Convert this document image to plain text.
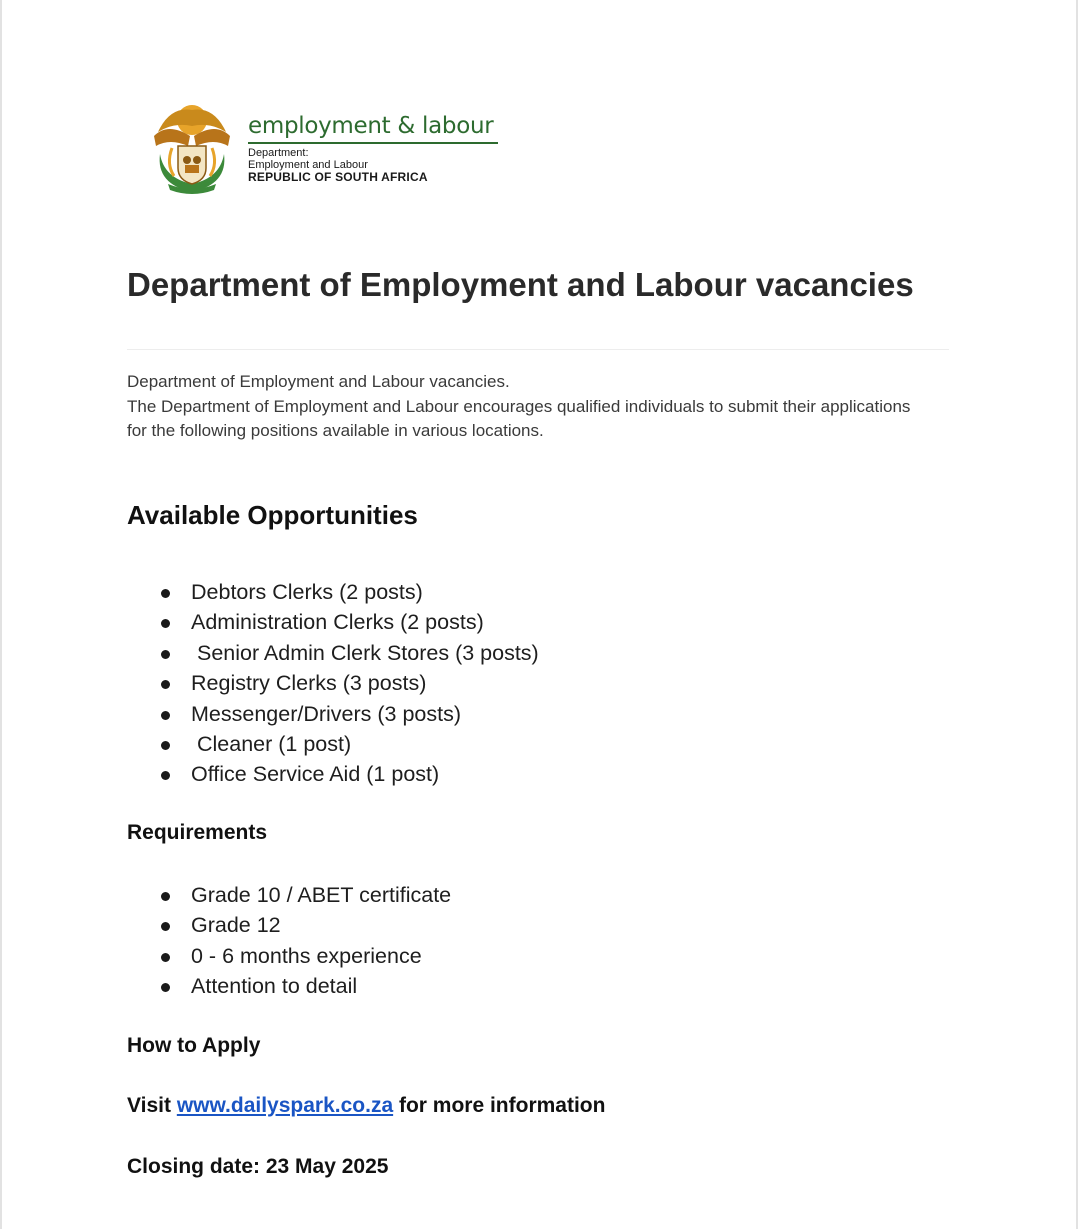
employment & labour
Department:
Employment and Labour
REPUBLIC OF SOUTH AFRICA
Department of Employment and Labour vacancies

Department of Employment and Labour vacancies.

The Department of Employment and Labour encourages qualified individuals to submit their applications for the following positions available in various locations.

Available Opportunities
Debtors Clerks (2 posts)
Administration Clerks (2 posts)
Senior Admin Clerk Stores (3 posts)
Registry Clerks (3 posts)
Messenger/Drivers (3 posts)
Cleaner (1 post)
Office Service Aid (1 post)
Requirements
Grade 10 / ABET certificate
Grade 12
0 - 6 months experience
Attention to detail
How to Apply
Visit www.dailyspark.co.za for more information
Closing date: 23 May 2025
